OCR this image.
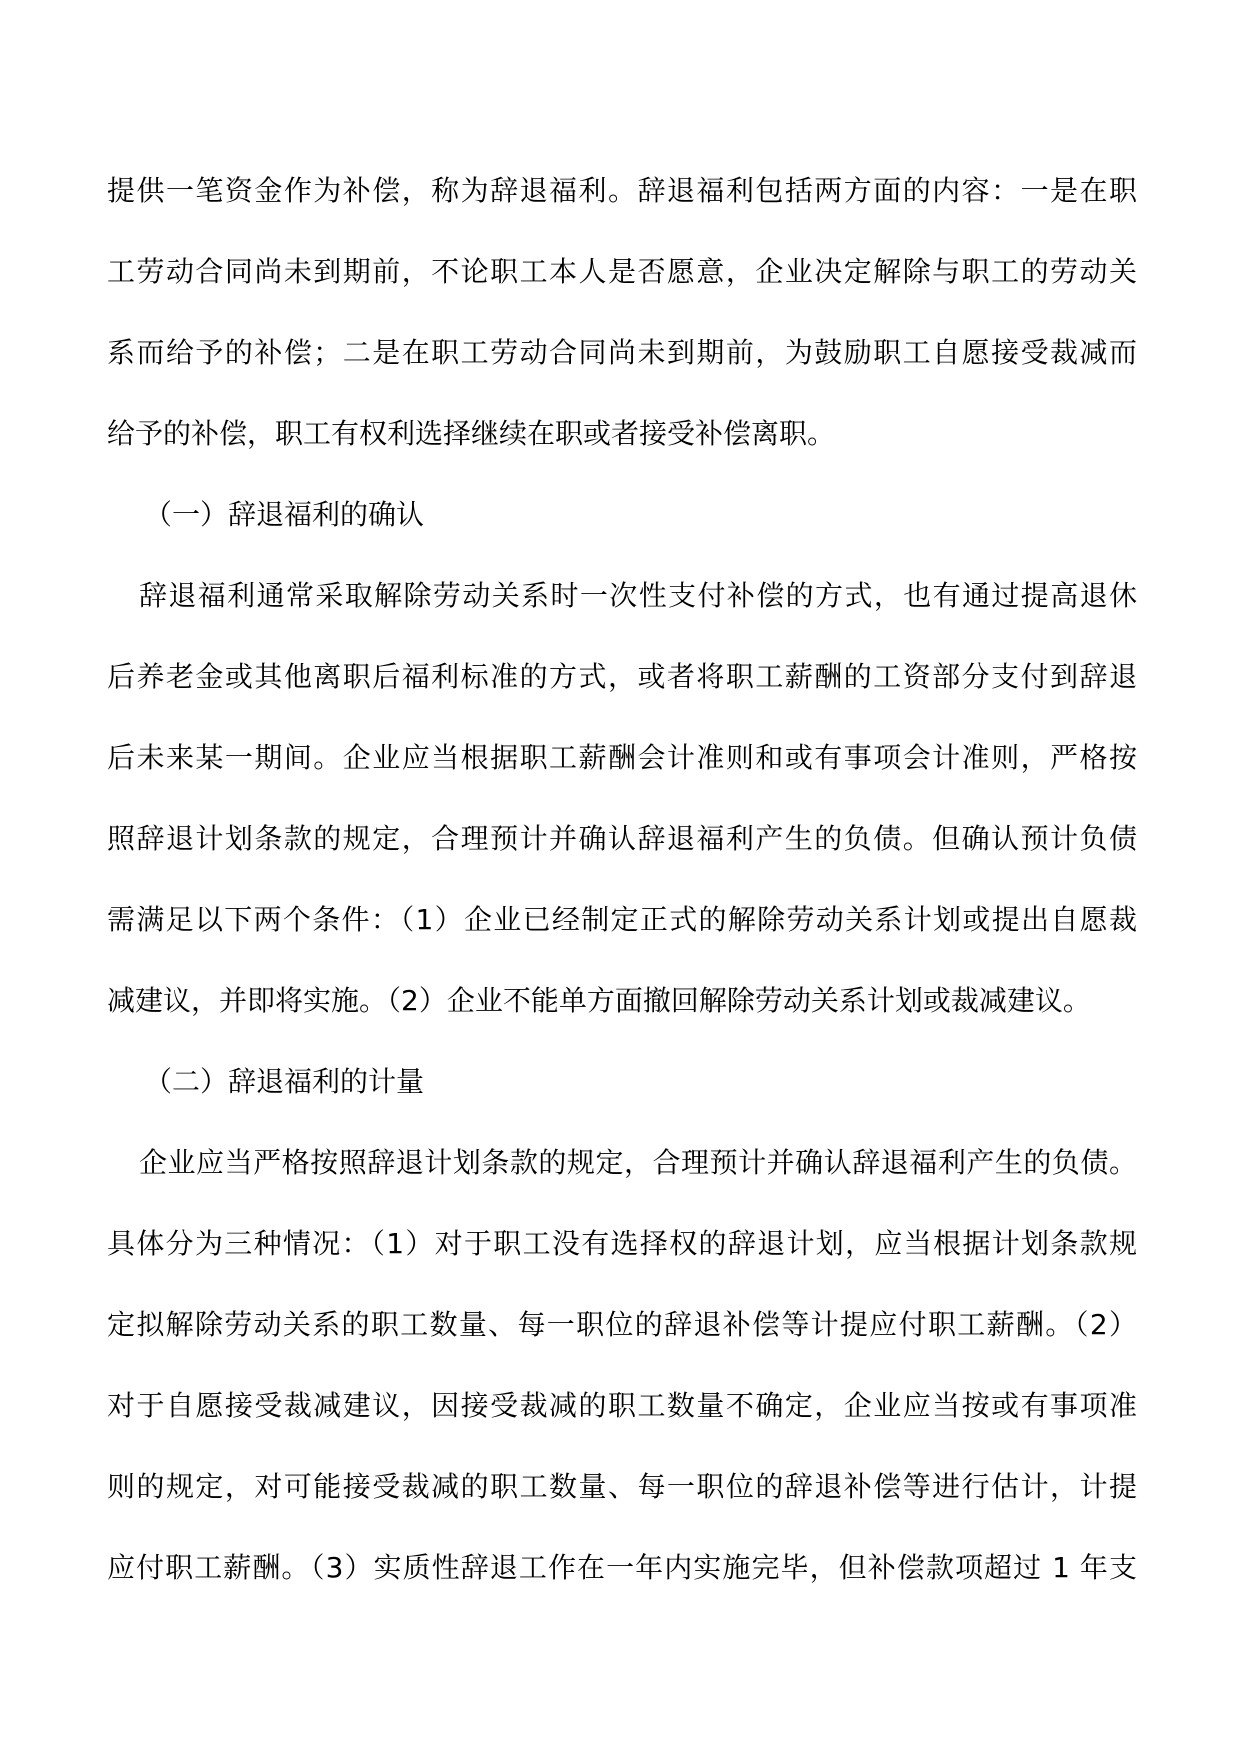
提供一笔资金作为补偿，称为辞退福利。辞退福利包括两方面的内容：一是在职
工劳动合同尚未到期前，不论职工本人是否愿意，企业决定解除与职工的劳动关
系而给予的补偿；二是在职工劳动合同尚未到期前，为鼓励职工自愿接受裁减而
给予的补偿，职工有权利选择继续在职或者接受补偿离职。
（一）辞退福利的确认
辞退福利通常采取解除劳动关系时一次性支付补偿的方式，也有通过提高退休
后养老金或其他离职后福利标准的方式，或者将职工薪酬的工资部分支付到辞退
后未来某一期间。企业应当根据职工薪酬会计准则和或有事项会计准则，严格按
照辞退计划条款的规定，合理预计并确认辞退福利产生的负债。但确认预计负债
需满足以下两个条件：（1）企业已经制定正式的解除劳动关系计划或提出自愿裁
减建议，并即将实施。（2）企业不能单方面撤回解除劳动关系计划或裁减建议。
（二）辞退福利的计量
企业应当严格按照辞退计划条款的规定，合理预计并确认辞退福利产生的负债。
具体分为三种情况：（1）对于职工没有选择权的辞退计划，应当根据计划条款规
定拟解除劳动关系的职工数量、每一职位的辞退补偿等计提应付职工薪酬。（2）
对于自愿接受裁减建议，因接受裁减的职工数量不确定，企业应当按或有事项准
则的规定，对可能接受裁减的职工数量、每一职位的辞退补偿等进行估计，计提
应付职工薪酬。（3）实质性辞退工作在一年内实施完毕，但补偿款项超过 1 年支
